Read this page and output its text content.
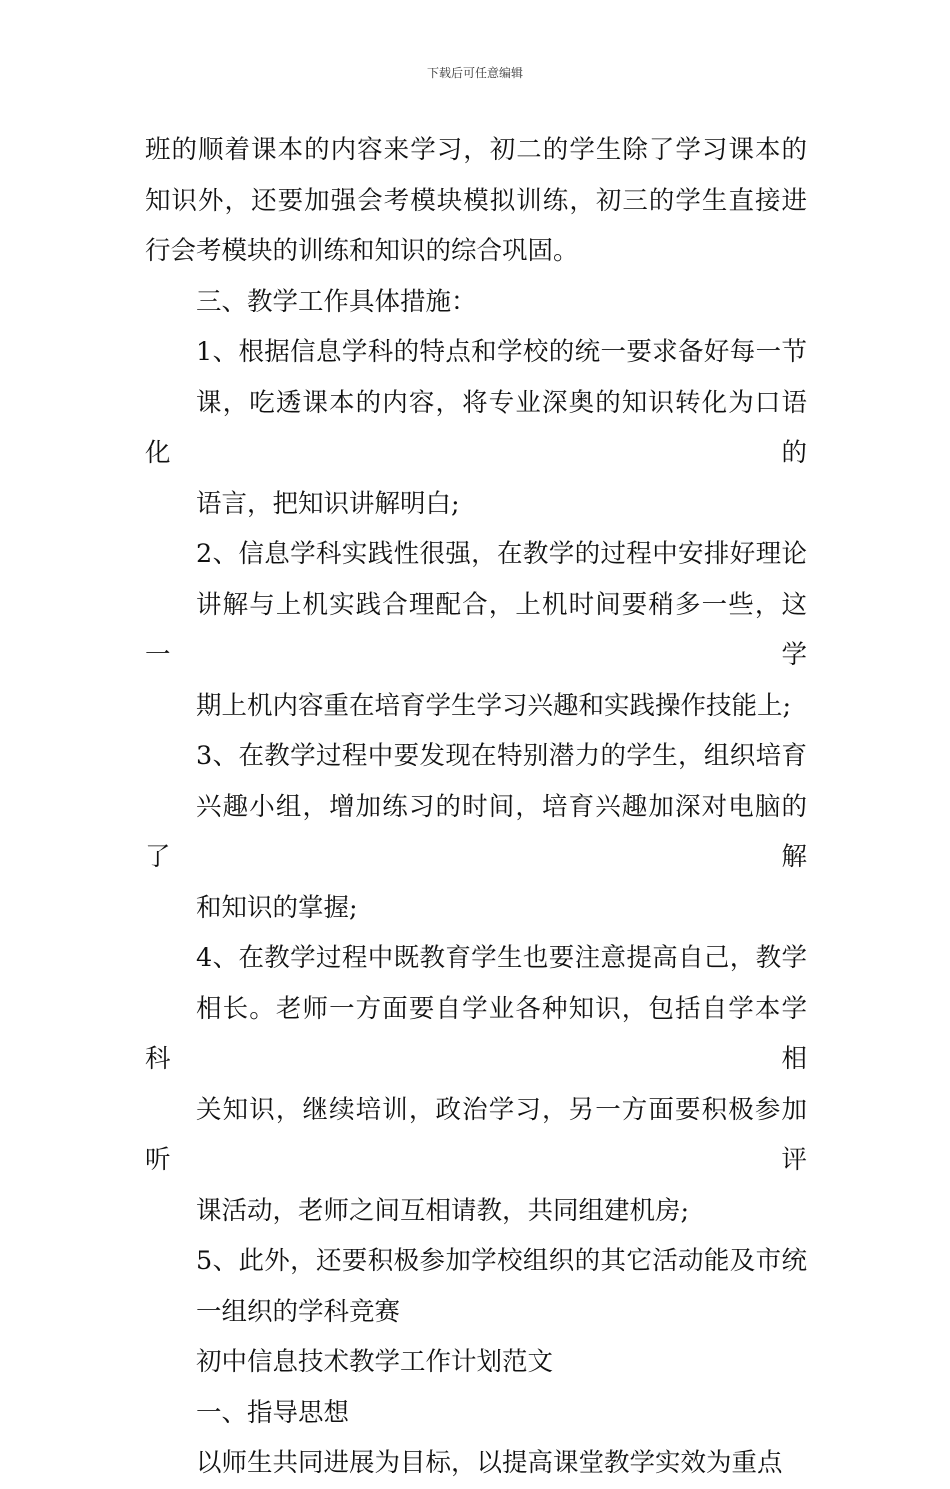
下载后可任意编辑

班的顺着课本的内容来学习，初二的学生除了学习课本的
知识外，还要加强会考模块模拟训练，初三的学生直接进
行会考模块的训练和知识的综合巩固。

三、教学工作具体措施：

1、根据信息学科的特点和学校的统一要求备好每一节
课，吃透课本的内容，将专业深奥的知识转化为口语化的
语言，把知识讲解明白;

2、信息学科实践性很强，在教学的过程中安排好理论
讲解与上机实践合理配合，上机时间要稍多一些，这一学
期上机内容重在培育学生学习兴趣和实践操作技能上;

3、在教学过程中要发现在特别潜力的学生，组织培育
兴趣小组，增加练习的时间，培育兴趣加深对电脑的了解
和知识的掌握;

4、在教学过程中既教育学生也要注意提高自己，教学
相长。老师一方面要自学业各种知识，包括自学本学科相
关知识，继续培训，政治学习，另一方面要积极参加听评
课活动，老师之间互相请教，共同组建机房;

5、此外，还要积极参加学校组织的其它活动能及市统
一组织的学科竞赛

初中信息技术教学工作计划范文

一、指导思想

以师生共同进展为目标，以提高课堂教学实效为重点
